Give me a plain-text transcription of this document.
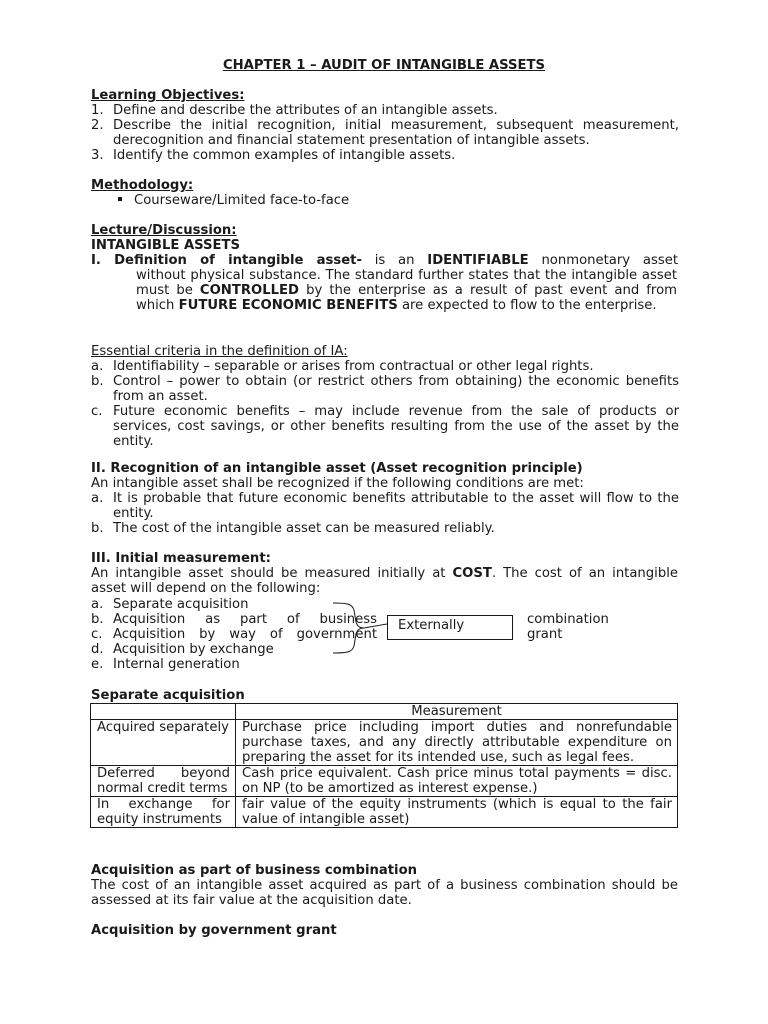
CHAPTER 1 – AUDIT OF INTANGIBLE ASSETS
Learning Objectives:
1. Define and describe the attributes of an intangible assets.
2. Describe the initial recognition, initial measurement, subsequent measurement, derecognition and financial statement presentation of intangible assets.
3. Identify the common examples of intangible assets.
Methodology:
Courseware/Limited face-to-face
Lecture/Discussion:
INTANGIBLE ASSETS
I. Definition of intangible asset- is an IDENTIFIABLE nonmonetary asset
without physical substance. The standard further states that the intangible asset must be CONTROLLED by the enterprise as a result of past event and from which FUTURE ECONOMIC BENEFITS are expected to flow to the enterprise.
Essential criteria in the definition of IA:
a. Identifiability – separable or arises from contractual or other legal rights.
b. Control – power to obtain (or restrict others from obtaining) the economic benefits from an asset.
c. Future economic benefits – may include revenue from the sale of products or services, cost savings, or other benefits resulting from the use of the asset by the entity.
II. Recognition of an intangible asset (Asset recognition principle)
An intangible asset shall be recognized if the following conditions are met:
a. It is probable that future economic benefits attributable to the asset will flow to the entity.
b. The cost of the intangible asset can be measured reliably.
III. Initial measurement:
An intangible asset should be measured initially at COST. The cost of an intangible asset will depend on the following:
a. Separate acquisition
b. Acquisition as part of business
c. Acquisition by way of government
d. Acquisition by exchange
e. Internal generation
combination
grant
Externally
Separate acquisition
	Measurement
Acquired separately	Purchase price including import duties and nonrefundable purchase taxes, and any directly attributable expenditure on preparing the asset for its intended use, such as legal fees.
Deferred beyond normal credit terms	Cash price equivalent. Cash price minus total payments = disc. on NP (to be amortized as interest expense.)
In exchange for equity instruments	fair value of the equity instruments (which is equal to the fair value of intangible asset)
Acquisition as part of business combination
The cost of an intangible asset acquired as part of a business combination should be assessed at its fair value at the acquisition date.
Acquisition by government grant
